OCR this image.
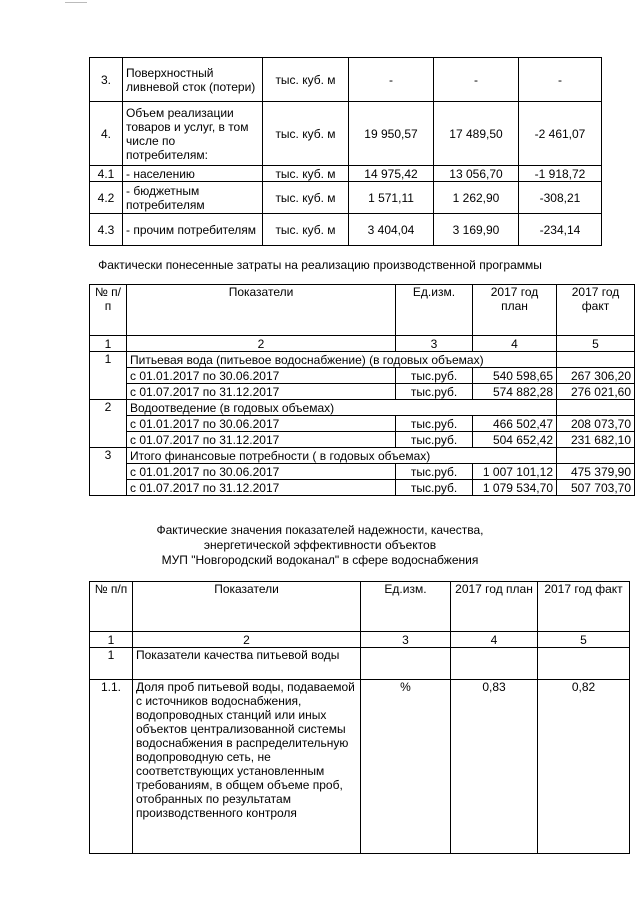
3.	Поверхностный ливневой сток (потери)	тыс. куб. м	-	-	-
4.	Объем реализации товаров и услуг, в том числе по потребителям:	тыс. куб. м	19 950,57	17 489,50	-2 461,07
4.1	- населению	тыс. куб. м	14 975,42	13 056,70	-1 918,72
4.2	- бюджетным потребителям	тыс. куб. м	1 571,11	1 262,90	-308,21
4.3	- прочим потребителям	тыс. куб. м	3 404,04	3 169,90	-234,14
Фактически понесенные затраты на реализацию производственной программы
№ п/п	Показатели	Ед.изм.	2017 год план	2017 год факт
1	2	3	4	5
1	Питьевая вода (питьевое водоснабжение) (в годовых объемах)			
	с 01.01.2017 по 30.06.2017	тыс.руб.	540 598,65	267 306,20
	с 01.07.2017 по 31.12.2017	тыс.руб.	574 882,28	276 021,60
2	Водоотведение (в годовых объемах)			
	с 01.01.2017 по 30.06.2017	тыс.руб.	466 502,47	208 073,70
	с 01.07.2017 по 31.12.2017	тыс.руб.	504 652,42	231 682,10
3	Итого финансовые потребности ( в годовых объемах)			
	с 01.01.2017 по 30.06.2017	тыс.руб.	1 007 101,12	475 379,90
	с 01.07.2017 по 31.12.2017	тыс.руб.	1 079 534,70	507 703,70
Фактические значения показателей надежности, качества,
энергетической эффективности объектов
МУП "Новгородский водоканал" в сфере водоснабжения
№ п/п	Показатели	Ед.изм.	2017 год план	2017 год факт
1	2	3	4	5
1	Показатели качества питьевой воды			
1.1.	Доля проб питьевой воды, подаваемой с источников водоснабжения, водопроводных станций или иных объектов централизованной системы водоснабжения в распределительную водопроводную сеть, не соответствующих установленным требованиям, в общем объеме проб, отобранных по результатам производственного контроля	%	0,83	0,82
